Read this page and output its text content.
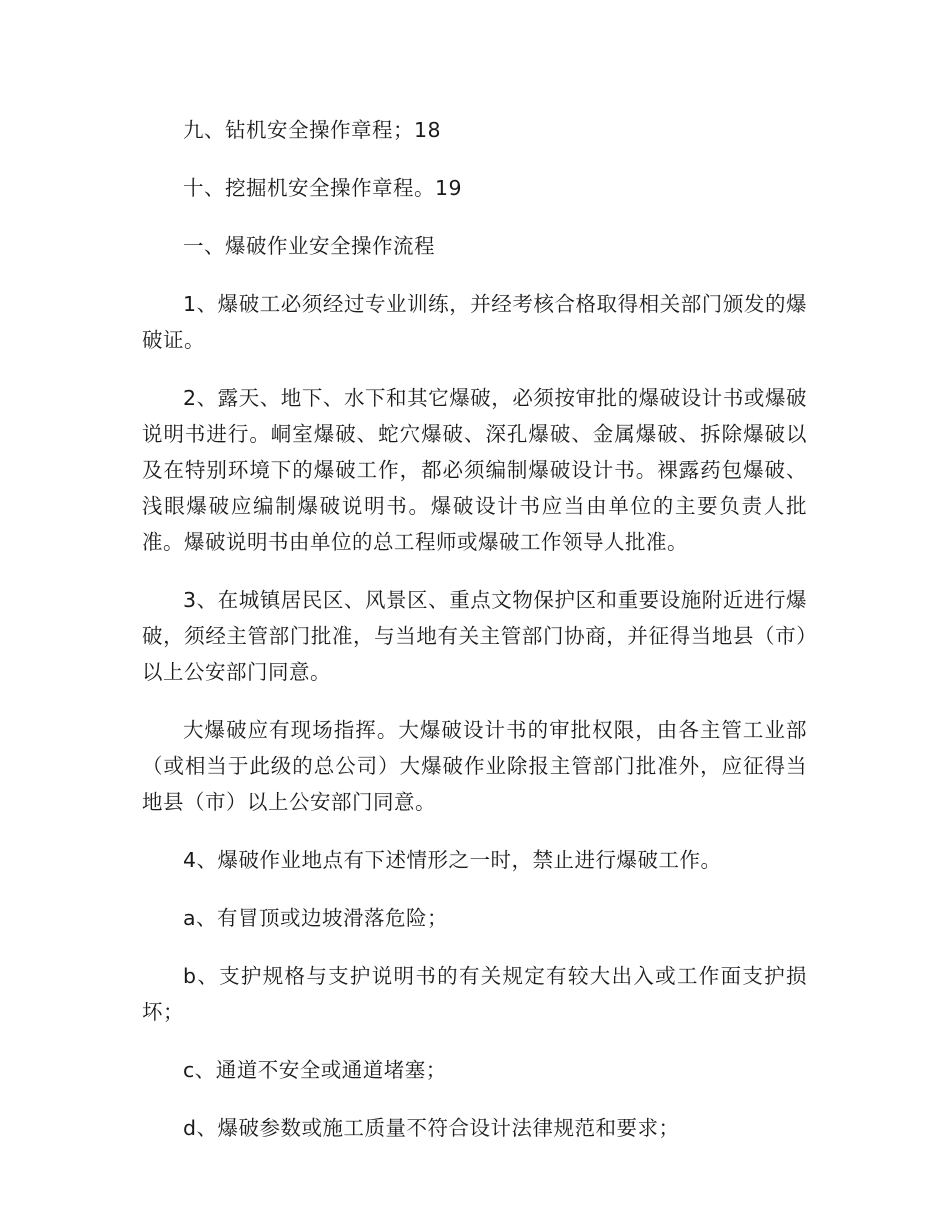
九、钻机安全操作章程；18

十、挖掘机安全操作章程。19

一、爆破作业安全操作流程

1、爆破工必须经过专业训练，并经考核合格取得相关部门颁发的爆破证。

2、露天、地下、水下和其它爆破，必须按审批的爆破设计书或爆破说明书进行。峒室爆破、蛇穴爆破、深孔爆破、金属爆破、拆除爆破以及在特别环境下的爆破工作，都必须编制爆破设计书。裸露药包爆破、浅眼爆破应编制爆破说明书。爆破设计书应当由单位的主要负责人批准。爆破说明书由单位的总工程师或爆破工作领导人批准。

3、在城镇居民区、风景区、重点文物保护区和重要设施附近进行爆破，须经主管部门批准，与当地有关主管部门协商，并征得当地县（市）以上公安部门同意。

大爆破应有现场指挥。大爆破设计书的审批权限，由各主管工业部（或相当于此级的总公司）大爆破作业除报主管部门批准外，应征得当地县（市）以上公安部门同意。

4、爆破作业地点有下述情形之一时，禁止进行爆破工作。

a、有冒顶或边坡滑落危险；

b、支护规格与支护说明书的有关规定有较大出入或工作面支护损坏；

c、通道不安全或通道堵塞；

d、爆破参数或施工质量不符合设计法律规范和要求；
